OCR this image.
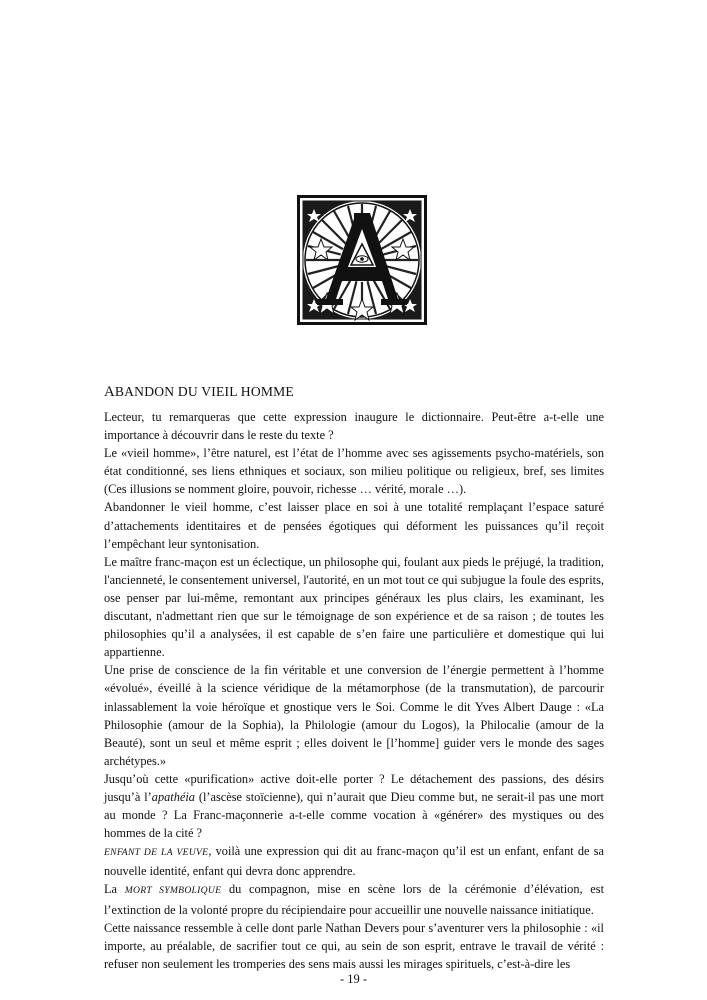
ABANDON DU VIEIL HOMME

Lecteur, tu remarqueras que cette expression inaugure le dictionnaire. Peut-être a-t-elle une importance à découvrir dans le reste du texte ?

Le «vieil homme», l’être naturel, est l’état de l’homme avec ses agissements psycho-matériels, son état conditionné, ses liens ethniques et sociaux, son milieu politique ou religieux, bref, ses limites (Ces illusions se nomment gloire, pouvoir, richesse … vérité, morale …).

Abandonner le vieil homme, c’est laisser place en soi à une totalité remplaçant l’espace saturé d’attachements identitaires et de pensées égotiques qui déforment les puissances qu’il reçoit l’empêchant leur syntonisation.

Le maître franc-maçon est un éclectique, un philosophe qui, foulant aux pieds le préjugé, la tradition, l'ancienneté, le consentement universel, l'autorité, en un mot tout ce qui subjugue la foule des esprits, ose penser par lui-même, remontant aux principes généraux les plus clairs, les examinant, les discutant, n'admettant rien que sur le témoignage de son expérience et de sa raison ; de toutes les philosophies qu’il a analysées, il est capable de s’en faire une particulière et domestique qui lui appartienne.

Une prise de conscience de la fin véritable et une conversion de l’énergie permettent à l’homme «évolué», éveillé à la science véridique de la métamorphose (de la transmutation), de parcourir inlassablement la voie héroïque et gnostique vers le Soi. Comme le dit Yves Albert Dauge : «La Philosophie (amour de la Sophia), la Philologie (amour du Logos), la Philocalie (amour de la Beauté), sont un seul et même esprit ; elles doivent le [l’homme] guider vers le monde des sages archétypes.»

Jusqu’où cette «purification» active doit-elle porter ? Le détachement des passions, des désirs jusqu’à l’apathéia (l’ascèse stoïcienne), qui n’aurait que Dieu comme but, ne serait-il pas une mort au monde ? La Franc-maçonnerie a-t-elle comme vocation à «générer» des mystiques ou des hommes de la cité ?

ENFANT DE LA VEUVE, voilà une expression qui dit au franc-maçon qu’il est un enfant, enfant de sa nouvelle identité, enfant qui devra donc apprendre.

La MORT SYMBOLIQUE du compagnon, mise en scène lors de la cérémonie d’élévation, est l’extinction de la volonté propre du récipiendaire pour accueillir une nouvelle naissance initiatique.

Cette naissance ressemble à celle dont parle Nathan Devers pour s’aventurer vers la philosophie : «il importe, au préalable, de sacrifier tout ce qui, au sein de son esprit, entrave le travail de vérité : refuser non seulement les tromperies des sens mais aussi les mirages spirituels, c’est-à-dire les

- 19 -
